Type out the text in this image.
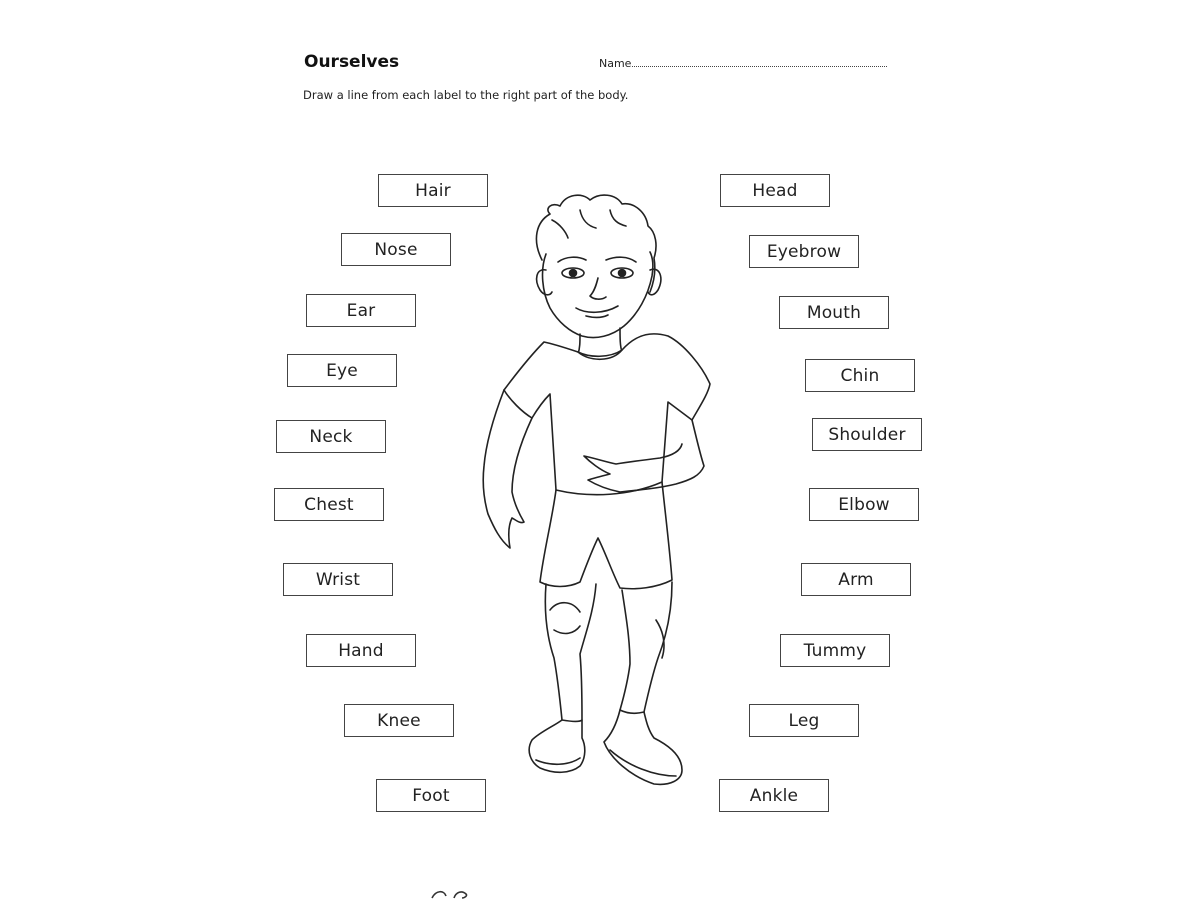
Ourselves	Name
Draw a line from each label to the right part of the body.
Hair
Nose
Ear
Eye
Neck
Chest
Wrist
Hand
Knee
Foot
Head
Eyebrow
Mouth
Chin
Shoulder
Elbow
Arm
Tummy
Leg
Ankle
